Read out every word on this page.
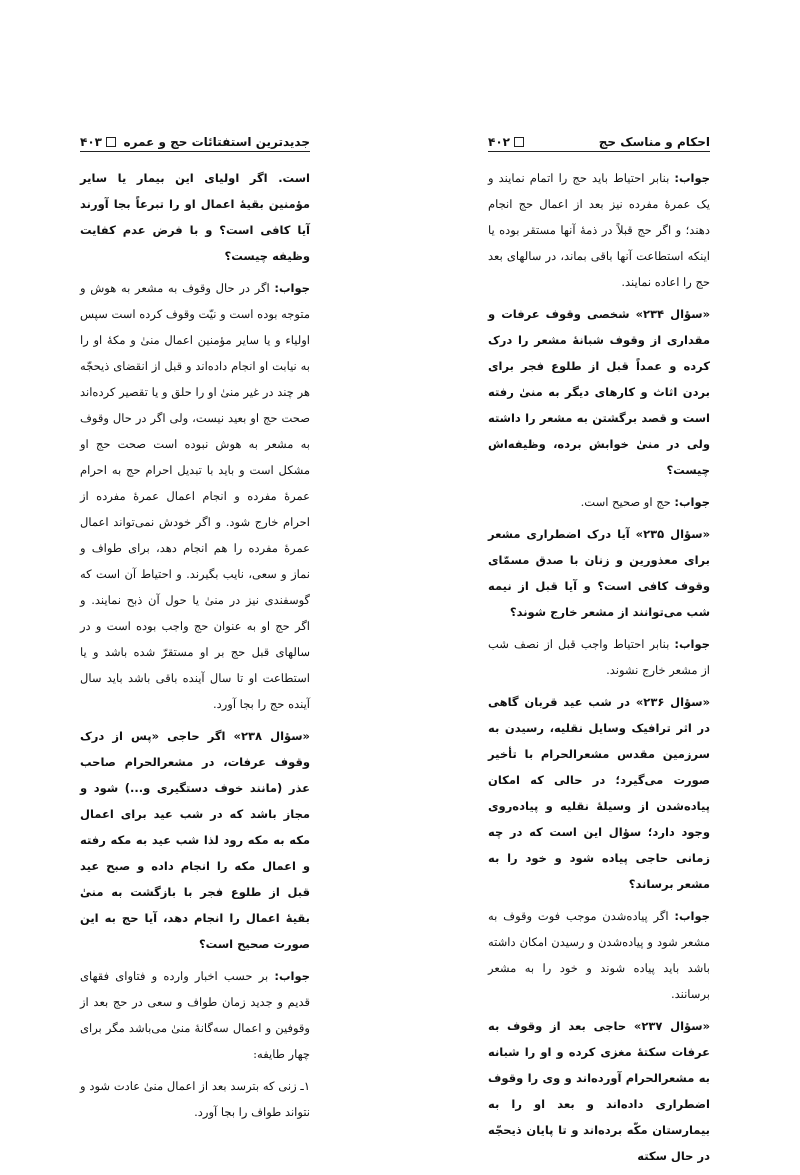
جدیدترین استفتائات حج و عمره
۴۰۳

است. اگر اولیای این بیمار یا سایر مؤمنین بقیهٔ اعمال او را تبرعاً بجا آورند آیا کافی است؟ و با فرض عدم کفایت وظیفه چیست؟

جواب: اگر در حال وقوف به مشعر به هوش و متوجه بوده است و نیّت وقوف کرده است سپس اولیاء و یا سایر مؤمنین اعمال منیٰ و مکهٔ او را به نیابت او انجام داده‌اند و قبل از انقضای ذیحجّه هر چند در غیر منیٰ او را حلق و یا تقصیر کرده‌اند صحت حج او بعید نیست، ولی اگر در حال وقوف به مشعر به هوش نبوده است صحت حج او مشکل است و باید با تبدیل احرام حج به احرام عمرهٔ مفرده و انجام اعمال عمرهٔ مفرده از احرام خارج شود. و اگر خودش نمی‌تواند اعمال عمرهٔ مفرده را هم انجام دهد، برای طواف و نماز و سعی، نایب بگیرند. و احتیاط آن است که گوسفندی نیز در منیٰ یا حول آن ذبح نمایند. و اگر حج او به عنوان حج واجب بوده است و در سالهای قبل حج بر او مستقرّ شده باشد و یا استطاعت او تا سال آینده باقی باشد باید سال آینده حج را بجا آورد.

«سؤال ۲۳۸» اگر حاجی «پس از درک وقوف عرفات، در مشعرالحرام صاحب عذر (مانند خوف دستگیری و...) شود و مجاز باشد که در شب عید برای اعمال مکه به مکه رود لذا شب عید به مکه رفته و اعمال مکه را انجام داده و صبح عید قبل از طلوع فجر با بازگشت به منیٰ بقیهٔ اعمال را انجام دهد، آیا حج به این صورت صحیح است؟

جواب: بر حسب اخبار وارده و فتاوای فقهای قدیم و جدید زمان طواف و سعی در حج بعد از وقوفین و اعمال سه‌گانهٔ منیٰ می‌باشد مگر برای چهار طایفه:

۱ـ زنی که بترسد بعد از اعمال منیٰ عادت شود و نتواند طواف را بجا آورد.

احکام و مناسک حج
۴۰۲

جواب: بنابر احتیاط باید حج را اتمام نمایند و یک عمرهٔ مفرده نیز بعد از اعمال حج انجام دهند؛ و اگر حج قبلاً در ذمهٔ آنها مستقر بوده یا اینکه استطاعت آنها باقی بماند، در سالهای بعد حج را اعاده نمایند.

«سؤال ۲۳۴» شخصی وقوف عرفات و مقداری از وقوف شبانهٔ مشعر را درک کرده و عمداً قبل از طلوع فجر برای بردن اثاث و کارهای دیگر به منیٰ رفته است و قصد برگشتن به مشعر را داشته ولی در منیٰ خوابش برده، وظیفه‌اش چیست؟

جواب: حج او صحیح است.

«سؤال ۲۳۵» آیا درک اضطراری مشعر برای معذورین و زنان با صدق مسمّای وقوف کافی است؟ و آیا قبل از نیمه شب می‌توانند از مشعر خارج شوند؟

جواب: بنابر احتیاط واجب قبل از نصف شب از مشعر خارج نشوند.

«سؤال ۲۳۶» در شب عید قربان گاهی در اثر ترافیک وسایل نقلیه، رسیدن به سرزمین مقدس مشعرالحرام با تأخیر صورت می‌گیرد؛ در حالی که امکان پیاده‌شدن از وسیلهٔ نقلیه و پیاده‌روی وجود دارد؛ سؤال این است که در چه زمانی حاجی پیاده شود و خود را به مشعر برساند؟

جواب: اگر پیاده‌شدن موجب فوت وقوف به مشعر شود و پیاده‌شدن و رسیدن امکان داشته باشد باید پیاده شوند و خود را به مشعر برسانند.

«سؤال ۲۳۷» حاجی بعد از وقوف به عرفات سکتهٔ مغزی کرده و او را شبانه به مشعرالحرام آورده‌اند و وی را وقوف اضطراری داده‌اند و بعد او را به بیمارستان مکّه برده‌اند و تا پایان ذیحجّه در حال سکته
